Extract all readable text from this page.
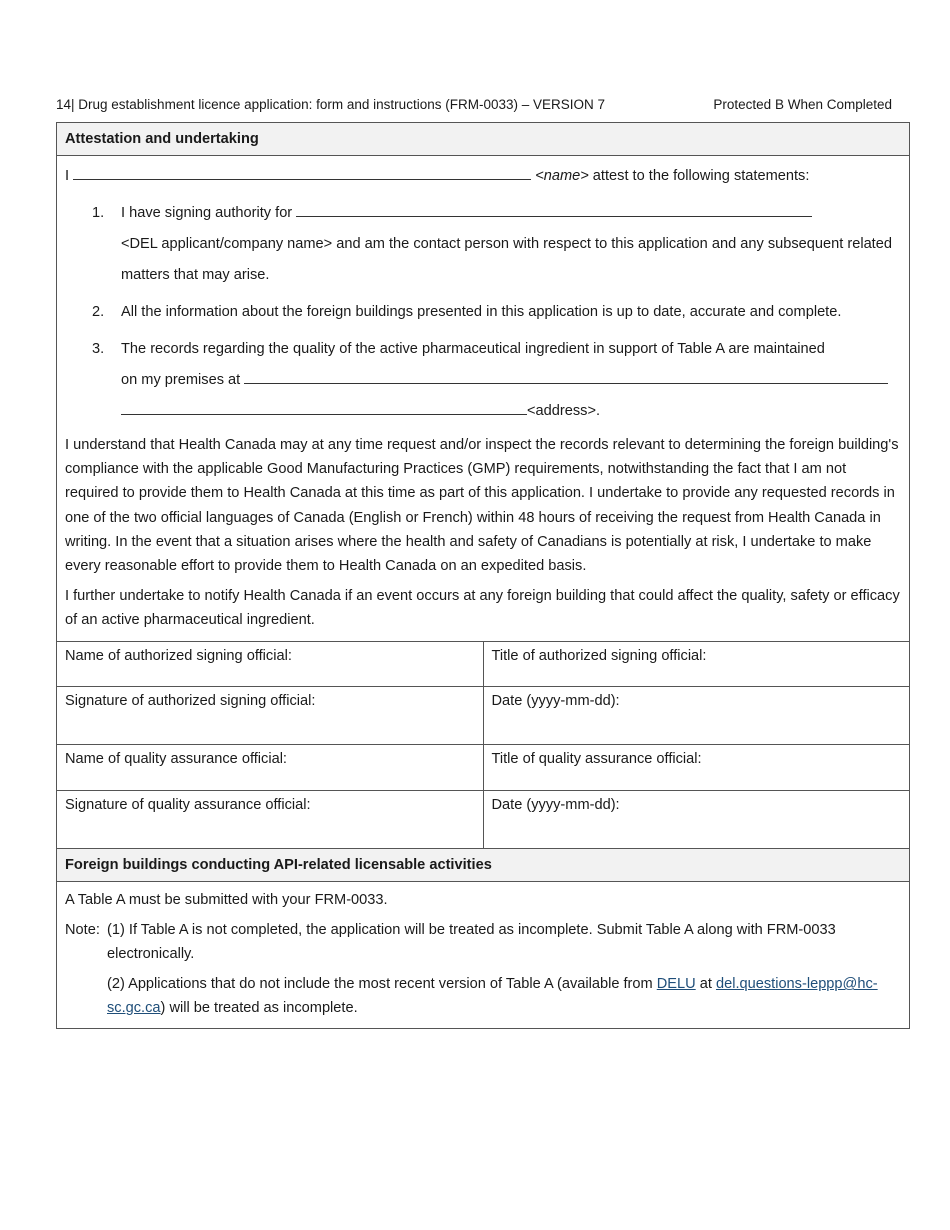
14| Drug establishment licence application: form and instructions (FRM-0033) – VERSION 7	Protected B When Completed
Attestation and undertaking
I	<name> attest to the following statements:
1. I have signing authority for
<DEL applicant/company name> and am the contact person with respect to this application and any subsequent related matters that may arise.
2. All the information about the foreign buildings presented in this application is up to date, accurate and complete.
3. The records regarding the quality of the active pharmaceutical ingredient in support of Table A are maintained
on my premises at
<address>.

I understand that Health Canada may at any time request and/or inspect the records relevant to determining the foreign building's compliance with the applicable Good Manufacturing Practices (GMP) requirements, notwithstanding the fact that I am not required to provide them to Health Canada at this time as part of this application. I undertake to provide any requested records in one of the two official languages of Canada (English or French) within 48 hours of receiving the request from Health Canada in writing. In the event that a situation arises where the health and safety of Canadians is potentially at risk, I undertake to make every reasonable effort to provide them to Health Canada on an expedited basis.

I further undertake to notify Health Canada if an event occurs at any foreign building that could affect the quality, safety or efficacy of an active pharmaceutical ingredient.

Name of authorized signing official:	Title of authorized signing official:
Signature of authorized signing official:	Date (yyyy-mm-dd):
Name of quality assurance official:	Title of quality assurance official:
Signature of quality assurance official:	Date (yyyy-mm-dd):
Foreign buildings conducting API-related licensable activities
A Table A must be submitted with your FRM-0033.
Note: (1) If Table A is not completed, the application will be treated as incomplete. Submit Table A along with FRM-0033 electronically.
(2) Applications that do not include the most recent version of Table A (available from DELU at del.questions-leppp@hc-sc.gc.ca) will be treated as incomplete.
